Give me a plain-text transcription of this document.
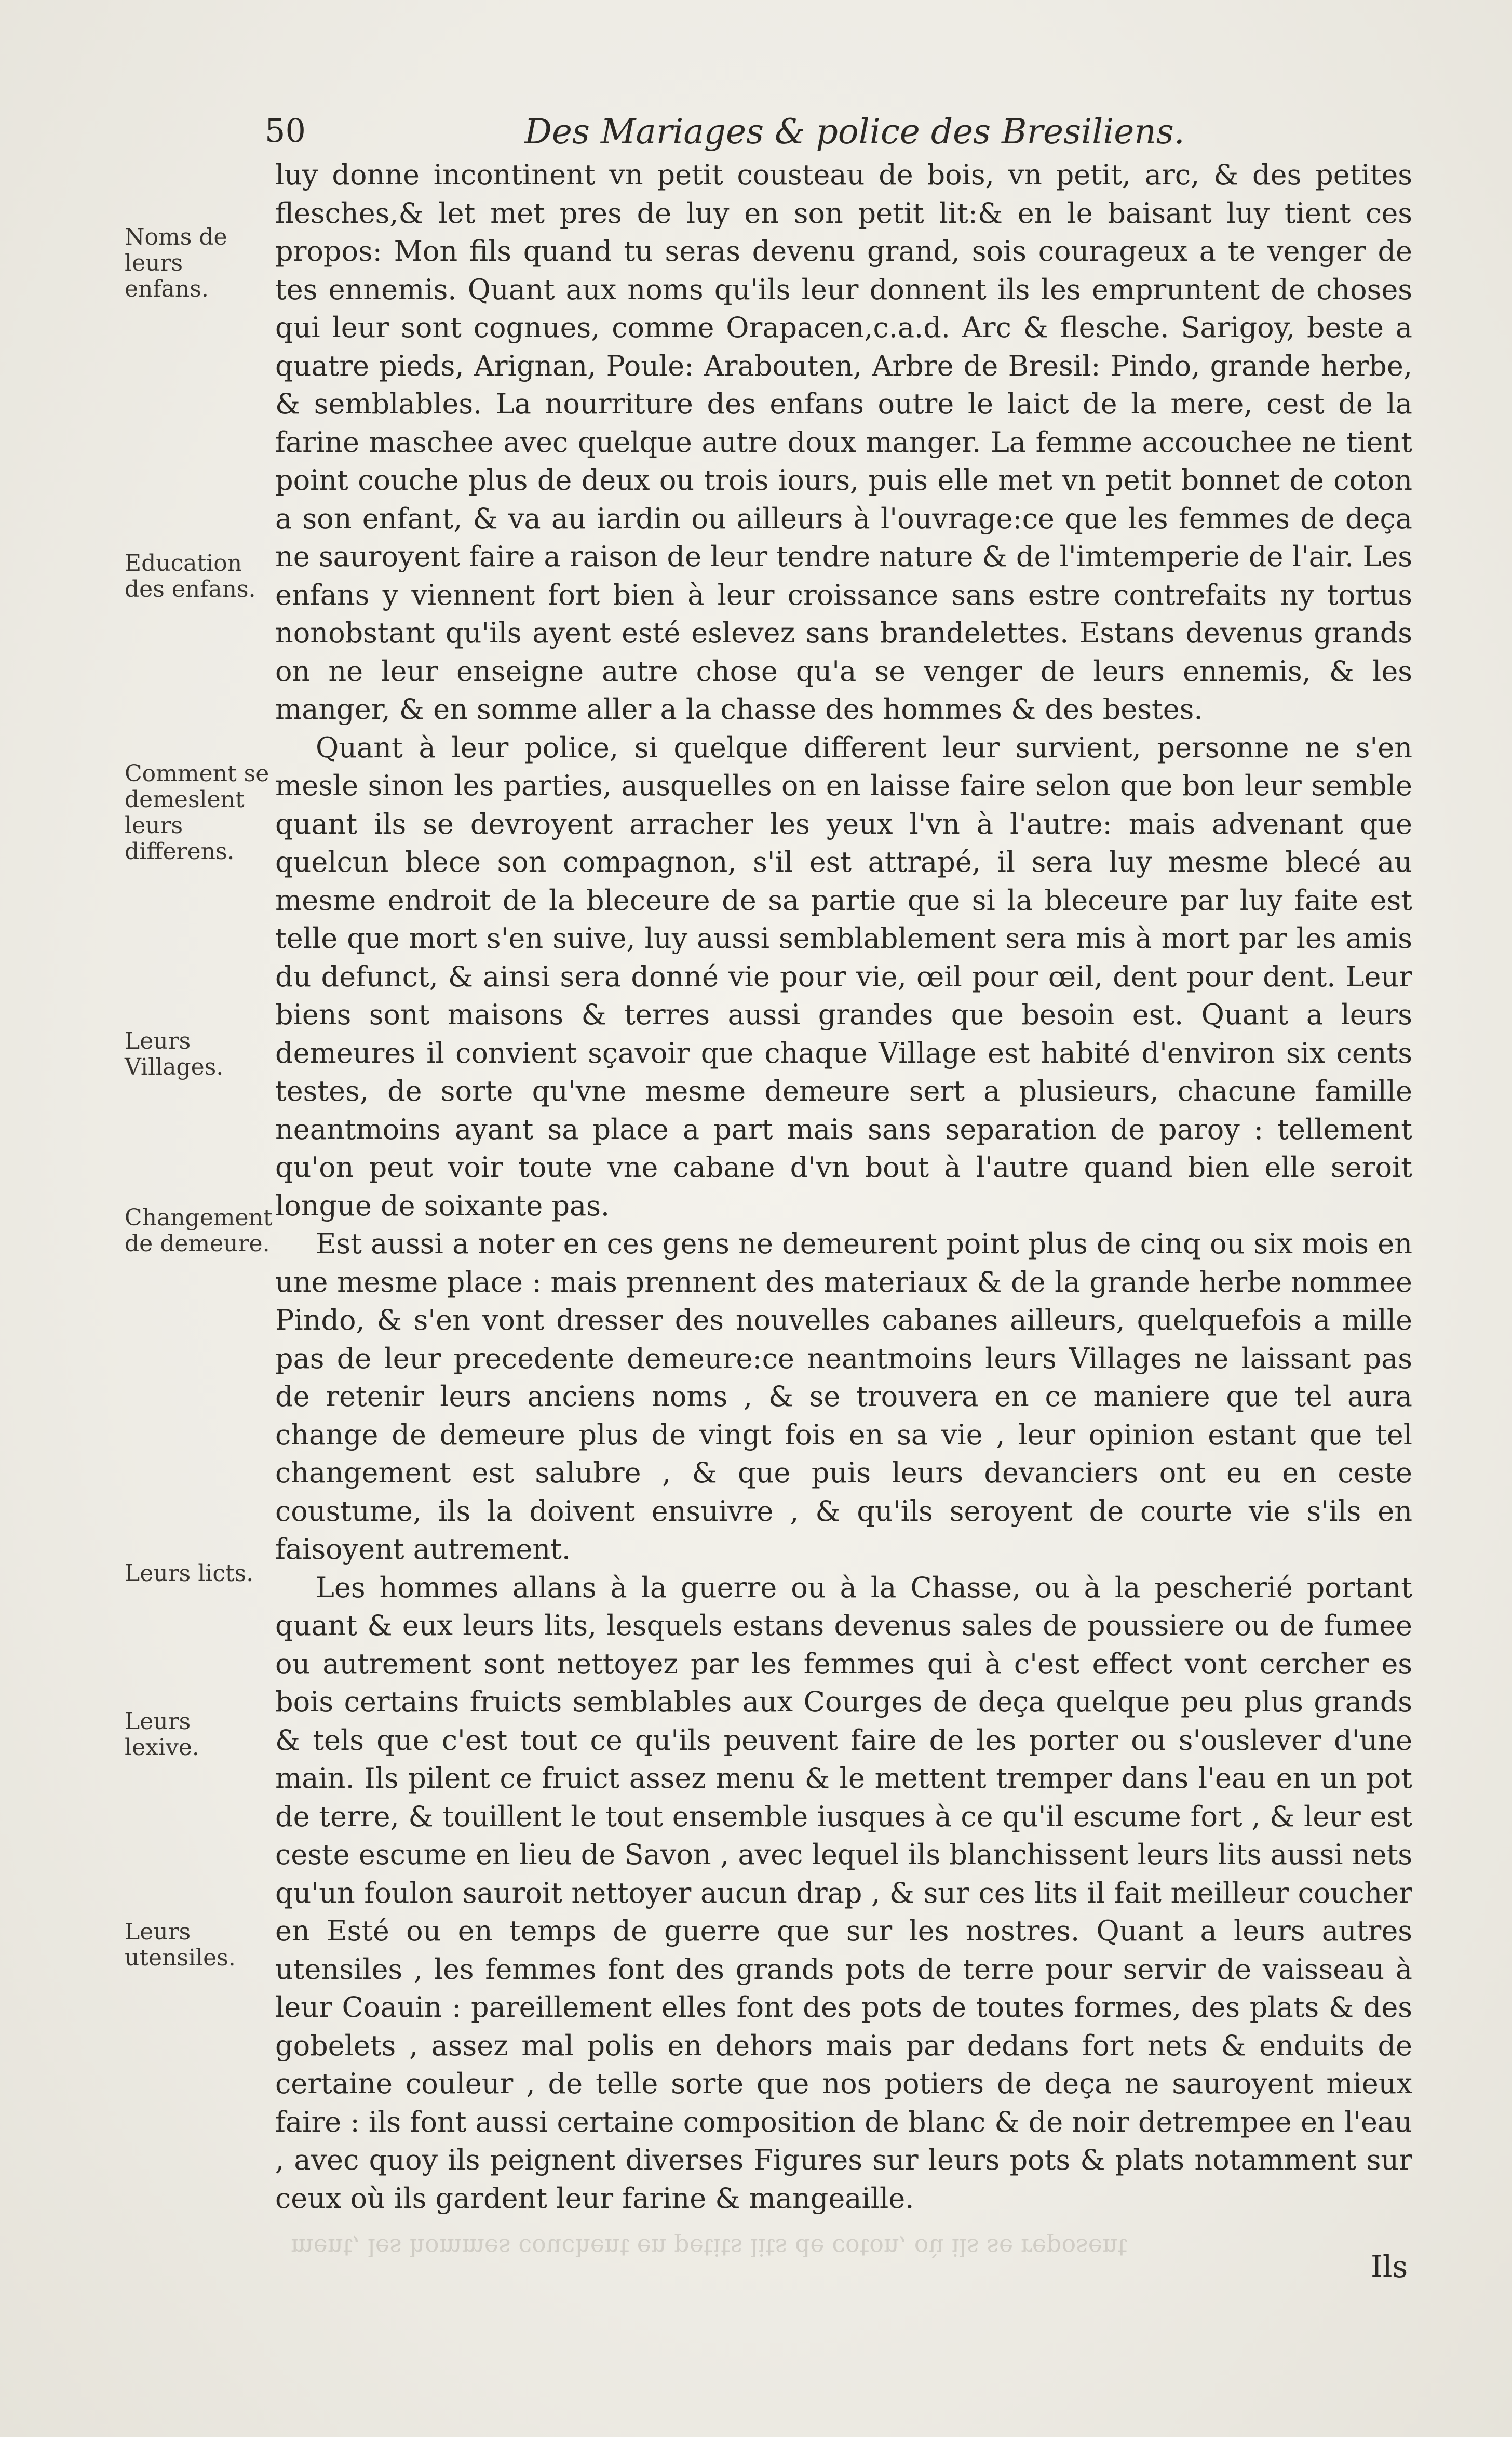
50	Des Mariages & police des Bresiliens.
Noms de leurs enfans.
Education des enfans.
Comment se demeslent leurs differens.
Leurs Villages.
Changement de demeure.
Leurs licts.
Leurs lexive.
Leurs utensiles.

luy donne incontinent vn petit cousteau de bois, vn petit, arc, & des petites flesches,& let met pres de luy en son petit lit:& en le baisant luy tient ces propos: Mon fils quand tu seras devenu grand, sois courageux a te venger de tes ennemis. Quant aux noms qu'ils leur donnent ils les empruntent de choses qui leur sont cognues, comme Orapacen,c.a.d. Arc & flesche. Sarigoy, beste a quatre pieds, Arignan, Poule: Arabouten, Arbre de Bresil: Pindo, grande herbe, & semblables. La nourriture des enfans outre le laict de la mere, cest de la farine maschee avec quelque autre doux manger. La femme accouchee ne tient point couche plus de deux ou trois iours, puis elle met vn petit bonnet de coton a son enfant, & va au iardin ou ailleurs à l'ouvrage:ce que les femmes de deça ne sauroyent faire a raison de leur tendre nature & de l'imtemperie de l'air. Les enfans y viennent fort bien à leur croissance sans estre contrefaits ny tortus nonobstant qu'ils ayent esté eslevez sans brandelettes. Estans devenus grands on ne leur enseigne autre chose qu'a se venger de leurs ennemis, & les manger, & en somme aller a la chasse des hommes & des bestes.

Quant à leur police, si quelque different leur survient, personne ne s'en mesle sinon les parties, ausquelles on en laisse faire selon que bon leur semble quant ils se devroyent arracher les yeux l'vn à l'autre: mais advenant que quelcun blece son compagnon, s'il est attrapé, il sera luy mesme blecé au mesme endroit de la bleceure de sa partie que si la bleceure par luy faite est telle que mort s'en suive, luy aussi semblablement sera mis à mort par les amis du defunct, & ainsi sera donné vie pour vie, œil pour œil, dent pour dent. Leur biens sont maisons & terres aussi grandes que besoin est. Quant a leurs demeures il convient sçavoir que chaque Village est habité d'environ six cents testes, de sorte qu'vne mesme demeure sert a plusieurs, chacune famille neantmoins ayant sa place a part mais sans separation de paroy : tellement qu'on peut voir toute vne cabane d'vn bout à l'autre quand bien elle seroit longue de soixante pas.

Est aussi a noter en ces gens ne demeurent point plus de cinq ou six mois en une mesme place : mais prennent des materiaux & de la grande herbe nommee Pindo, & s'en vont dresser des nouvelles cabanes ailleurs, quelquefois a mille pas de leur precedente demeure:ce neantmoins leurs Villages ne laissant pas de retenir leurs anciens noms , & se trouvera en ce maniere que tel aura change de demeure plus de vingt fois en sa vie , leur opinion estant que tel changement est salubre , & que puis leurs devanciers ont eu en ceste coustume, ils la doivent ensuivre , & qu'ils seroyent de courte vie s'ils en faisoyent autrement.

Les hommes allans à la guerre ou à la Chasse, ou à la pescherié portant quant & eux leurs lits, lesquels estans devenus sales de poussiere ou de fumee ou autrement sont nettoyez par les femmes qui à c'est effect vont cercher es bois certains fruicts semblables aux Courges de deça quelque peu plus grands & tels que c'est tout ce qu'ils peuvent faire de les porter ou s'ouslever d'une main. Ils pilent ce fruict assez menu & le mettent tremper dans l'eau en un pot de terre, & touillent le tout ensemble iusques à ce qu'il escume fort , & leur est ceste escume en lieu de Savon , avec lequel ils blanchissent leurs lits aussi nets qu'un foulon sauroit nettoyer aucun drap , & sur ces lits il fait meilleur coucher en Esté ou en temps de guerre que sur les nostres. Quant a leurs autres utensiles , les femmes font des grands pots de terre pour servir de vaisseau à leur Coauin : pareillement elles font des pots de toutes formes, des plats & des gobelets , assez mal polis en dehors mais par dedans fort nets & enduits de certaine couleur , de telle sorte que nos potiers de deça ne sauroyent mieux faire : ils font aussi certaine composition de blanc & de noir detrempee en l'eau , avec quoy ils peignent diverses Figures sur leurs pots & plats notamment sur ceux où ils gardent leur farine & mangeaille.

ment, les hommes couchent en petits lits de coton, où ils se reposent
Ils
